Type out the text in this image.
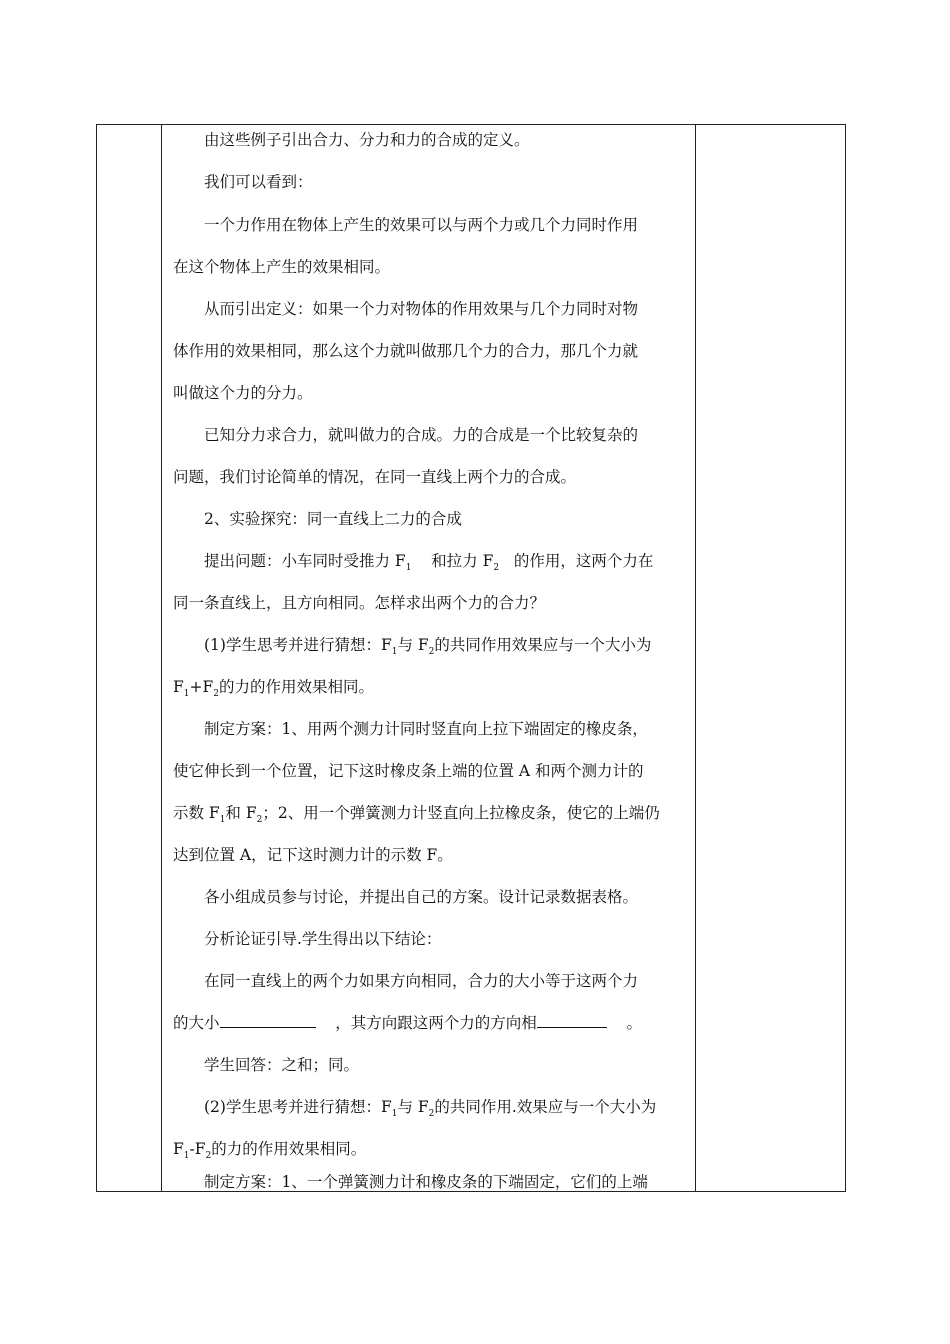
由这些例子引出合力、分力和力的合成的定义。
我们可以看到：
一个力作用在物体上产生的效果可以与两个力或几个力同时作用
在这个物体上产生的效果相同。
从而引出定义：如果一个力对物体的作用效果与几个力同时对物
体作用的效果相同，那么这个力就叫做那几个力的合力，那几个力就
叫做这个力的分力。
已知分力求合力，就叫做力的合成。力的合成是一个比较复杂的
问题，我们讨论简单的情况，在同一直线上两个力的合成。
2、实验探究：同一直线上二力的合成
提出问题：小车同时受推力 $F_1$ 和拉力 $F_2$ 的作用，这两个力在
同一条直线上，且方向相同。怎样求出两个力的合力？
(1)学生思考并进行猜想：$F_1$与 $F_2$的共同作用效果应与一个大小为
$F_1+F_2$的力的作用效果相同。
制定方案：1、用两个测力计同时竖直向上拉下端固定的橡皮条，
使它伸长到一个位置，记下这时橡皮条上端的位置 A 和两个测力计的
示数 $F_1$和 $F_2$；2、用一个弹簧测力计竖直向上拉橡皮条，使它的上端仍
达到位置 A，记下这时测力计的示数 F。
各小组成员参与讨论，并提出自己的方案。设计记录数据表格。
分析论证引导.学生得出以下结论：
在同一直线上的两个力如果方向相同，合力的大小等于这两个力
的大小	，其方向跟这两个力的方向相	。
学生回答：之和；同。
(2)学生思考并进行猜想：$F_1$与 $F_2$的共同作用.效果应与一个大小为
$F_1-F_2$的力的作用效果相同。
制定方案：1、一个弹簧测力计和橡皮条的下端固定，它们的上端
